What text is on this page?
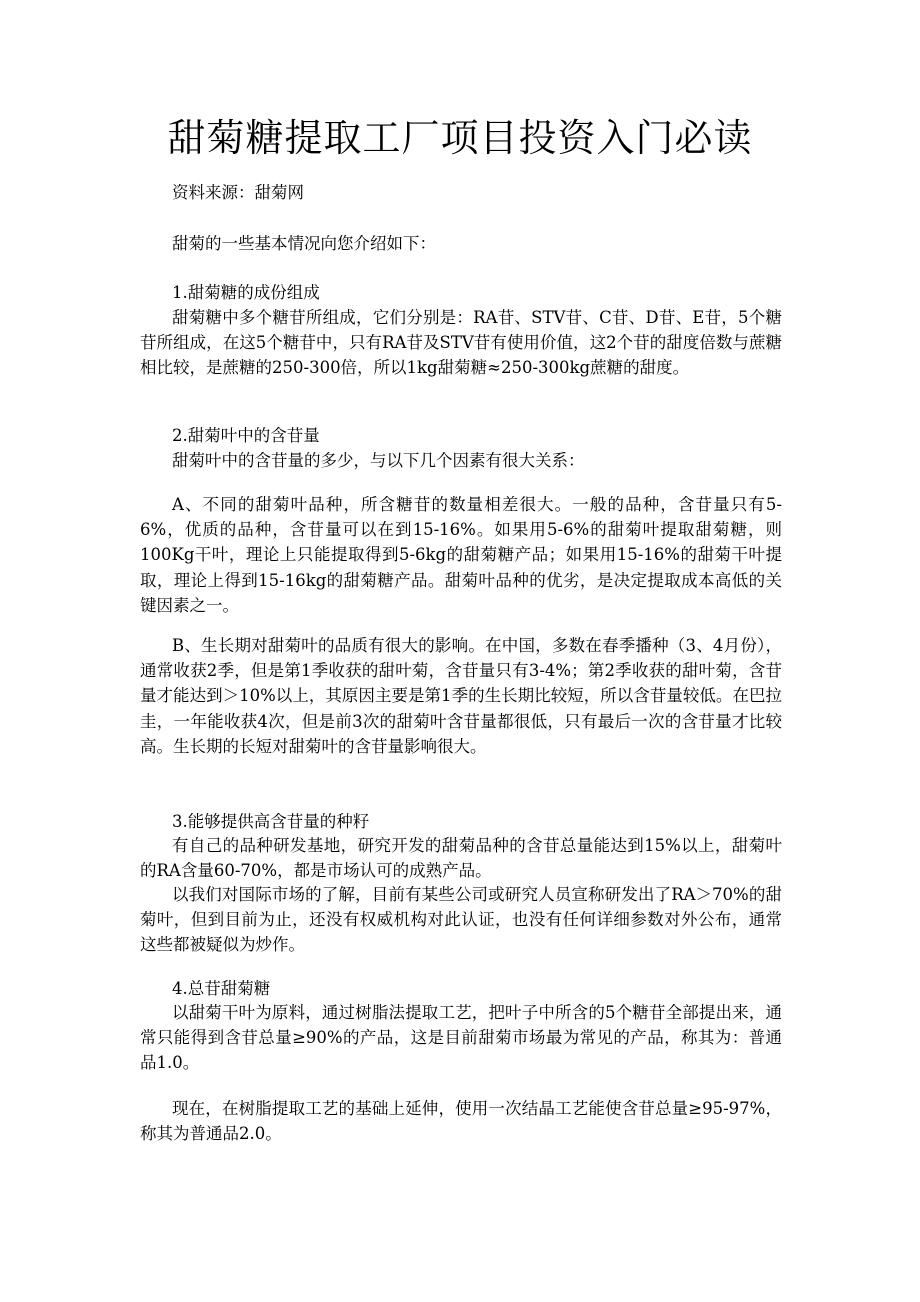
甜菊糖提取工厂项目投资入门必读

资料来源：甜菊网

甜菊的一些基本情况向您介绍如下：

1.甜菊糖的成份组成

甜菊糖中多个糖苷所组成，它们分别是：RA苷、STV苷、C苷、D苷、E苷，5个糖苷所组成，在这5个糖苷中，只有RA苷及STV苷有使用价值，这2个苷的甜度倍数与蔗糖相比较，是蔗糖的250-300倍，所以1kg甜菊糖≈250-300kg蔗糖的甜度。

2.甜菊叶中的含苷量

甜菊叶中的含苷量的多少，与以下几个因素有很大关系：

A、不同的甜菊叶品种，所含糖苷的数量相差很大。一般的品种，含苷量只有5-6%，优质的品种，含苷量可以在到15-16%。如果用5-6%的甜菊叶提取甜菊糖，则100Kg干叶，理论上只能提取得到5-6kg的甜菊糖产品；如果用15-16%的甜菊干叶提取，理论上得到15-16kg的甜菊糖产品。甜菊叶品种的优劣，是决定提取成本高低的关键因素之一。

B、生长期对甜菊叶的品质有很大的影响。在中国，多数在春季播种（3、4月份），通常收获2季，但是第1季收获的甜叶菊，含苷量只有3-4%；第2季收获的甜叶菊，含苷量才能达到＞10%以上，其原因主要是第1季的生长期比较短，所以含苷量较低。在巴拉圭，一年能收获4次，但是前3次的甜菊叶含苷量都很低，只有最后一次的含苷量才比较高。生长期的长短对甜菊叶的含苷量影响很大。

3.能够提供高含苷量的种籽

有自己的品种研发基地，研究开发的甜菊品种的含苷总量能达到15%以上，甜菊叶的RA含量60-70%，都是市场认可的成熟产品。

以我们对国际市场的了解，目前有某些公司或研究人员宣称研发出了RA＞70%的甜菊叶，但到目前为止，还没有权威机构对此认证，也没有任何详细参数对外公布，通常这些都被疑似为炒作。

4.总苷甜菊糖

以甜菊干叶为原料，通过树脂法提取工艺，把叶子中所含的5个糖苷全部提出来，通常只能得到含苷总量≥90%的产品，这是目前甜菊市场最为常见的产品，称其为：普通品1.0。

现在，在树脂提取工艺的基础上延伸，使用一次结晶工艺能使含苷总量≥95-97%，称其为普通品2.0。
